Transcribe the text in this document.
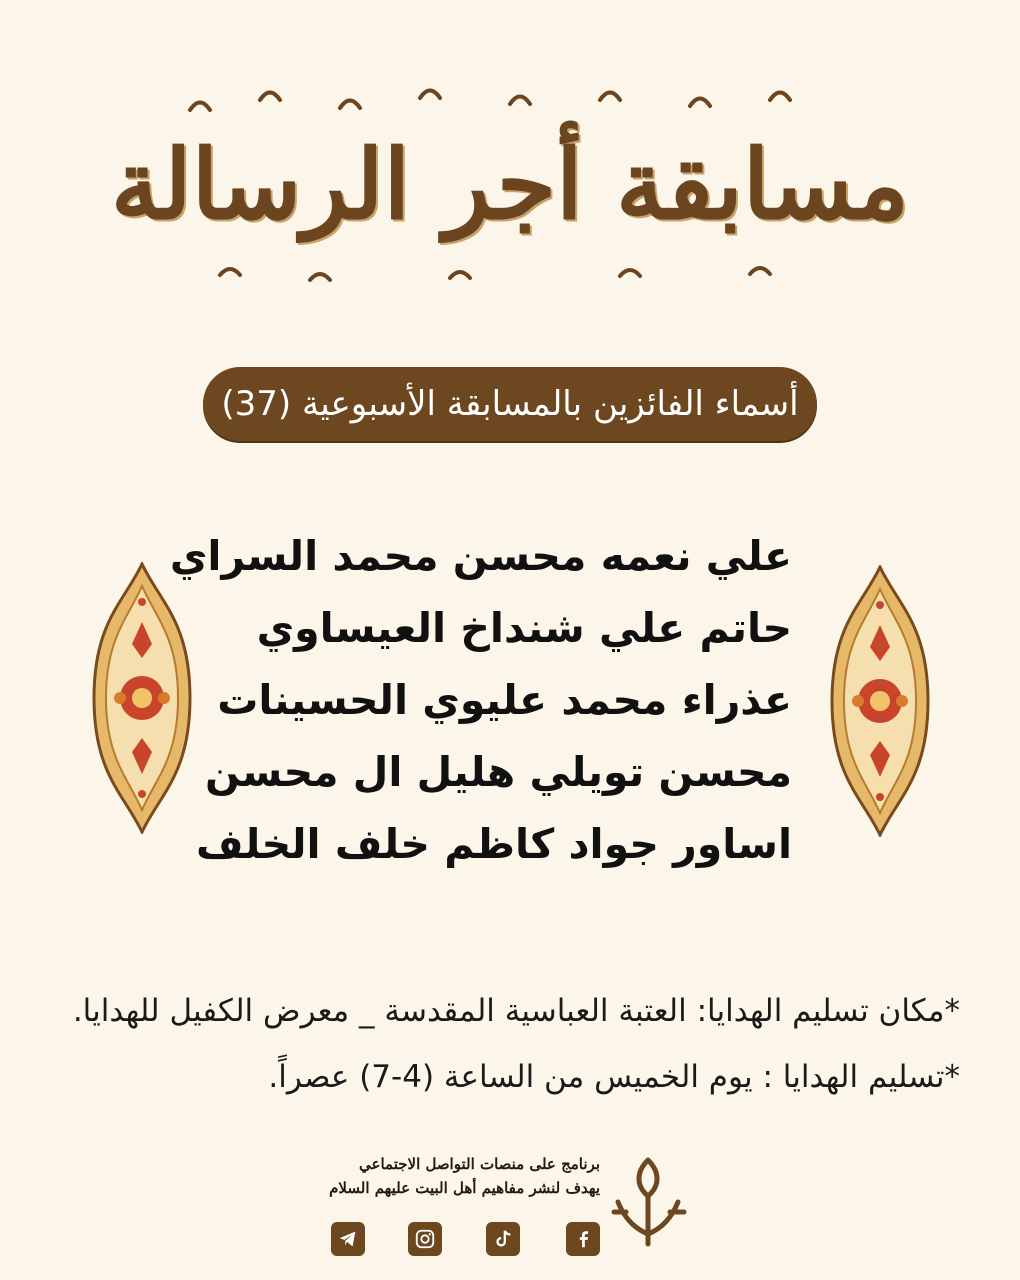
مسابقة أجر الرسالة
أسماء الفائزين بالمسابقة الأسبوعية (37)
علي نعمه محسن محمد السراي
حاتم علي شنداخ العيساوي
عذراء محمد عليوي الحسينات
محسن تويلي هليل ال محسن
اساور جواد كاظم خلف الخلف
*مكان تسليم الهدايا: العتبة العباسية المقدسة _ معرض الكفيل للهدايا.
*تسليم الهدايا : يوم الخميس من الساعة (4-7) عصراً.
برنامج على منصات التواصل الاجتماعي
يهدف لنشر مفاهيم أهل البيت عليهم السلام
